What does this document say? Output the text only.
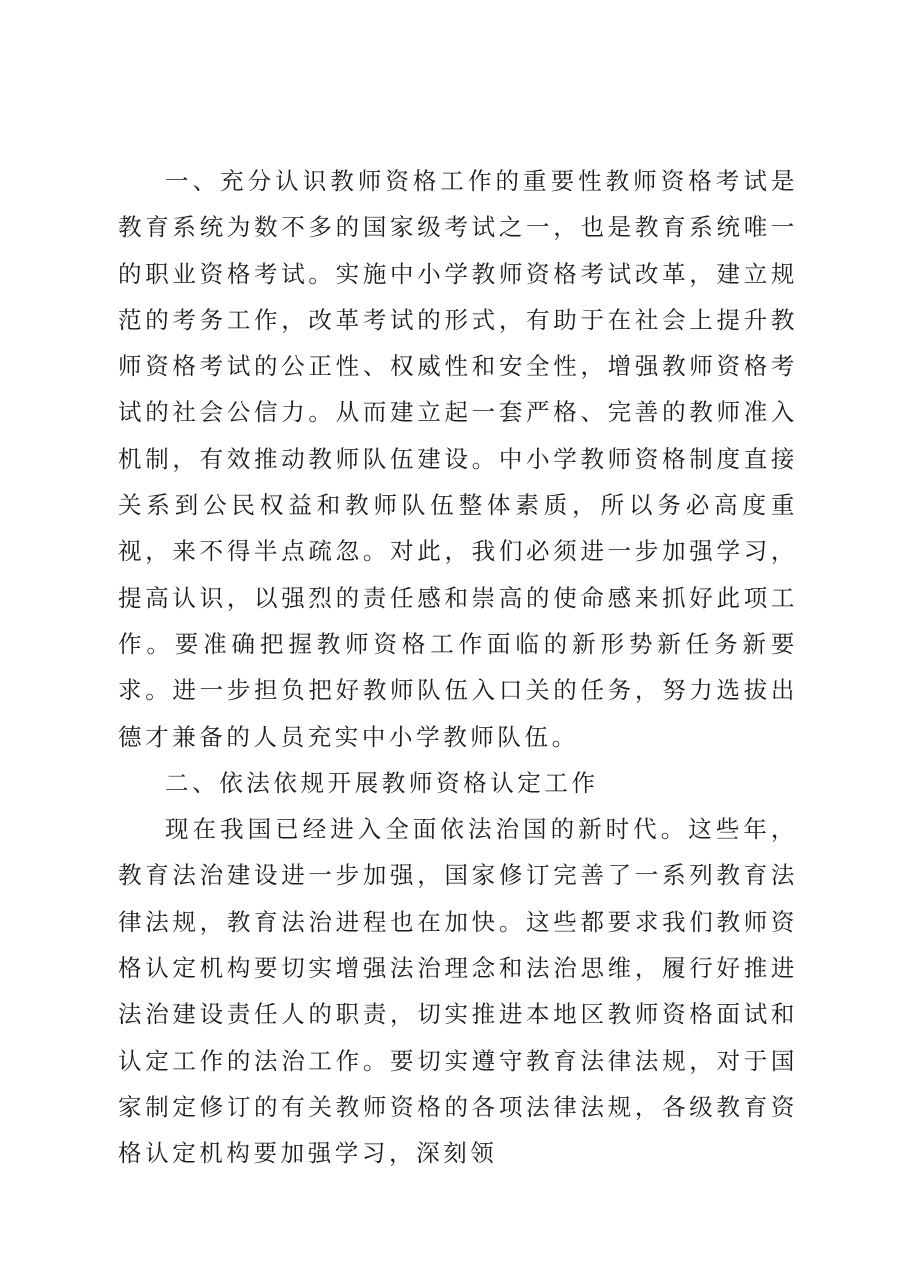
一、充分认识教师资格工作的重要性教师资格考试是教育系统为数不多的国家级考试之一，也是教育系统唯一的职业资格考试。实施中小学教师资格考试改革，建立规范的考务工作，改革考试的形式，有助于在社会上提升教师资格考试的公正性、权威性和安全性，增强教师资格考试的社会公信力。从而建立起一套严格、完善的教师准入机制，有效推动教师队伍建设。中小学教师资格制度直接关系到公民权益和教师队伍整体素质，所以务必高度重视，来不得半点疏忽。对此，我们必须进一步加强学习，提高认识，以强烈的责任感和崇高的使命感来抓好此项工作。要准确把握教师资格工作面临的新形势新任务新要求。进一步担负把好教师队伍入口关的任务，努力选拔出德才兼备的人员充实中小学教师队伍。

二、依法依规开展教师资格认定工作

现在我国已经进入全面依法治国的新时代。这些年，教育法治建设进一步加强，国家修订完善了一系列教育法律法规，教育法治进程也在加快。这些都要求我们教师资格认定机构要切实增强法治理念和法治思维，履行好推进法治建设责任人的职责，切实推进本地区教师资格面试和认定工作的法治工作。要切实遵守教育法律法规，对于国家制定修订的有关教师资格的各项法律法规，各级教育资格认定机构要加强学习，深刻领
